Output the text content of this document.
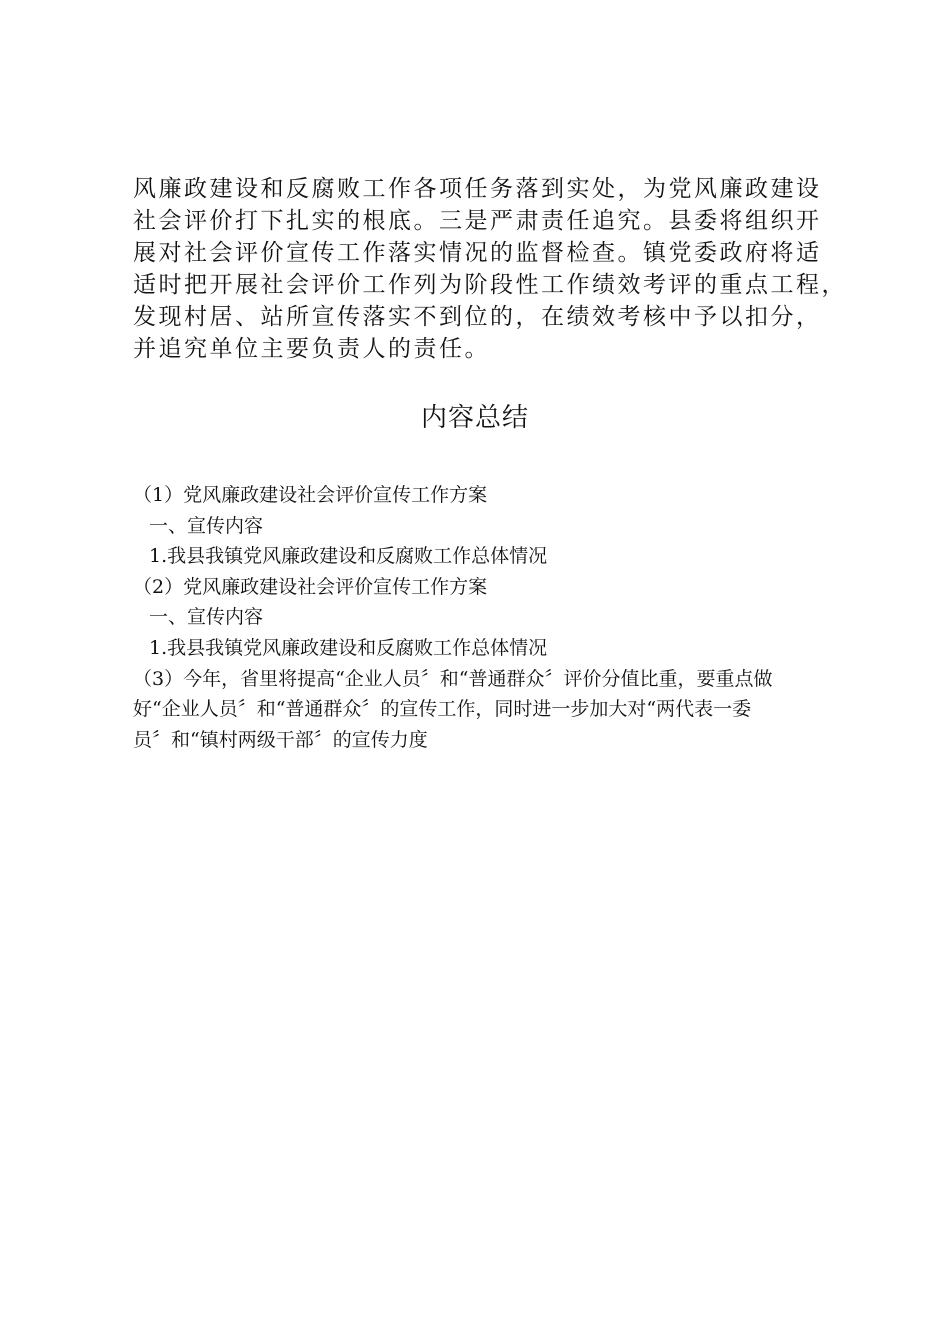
风廉政建设和反腐败工作各项任务落到实处，为党风廉政建设
社会评价打下扎实的根底。三是严肃责任追究。县委将组织开
展对社会评价宣传工作落实情况的监督检查。镇党委政府将适
适时把开展社会评价工作列为阶段性工作绩效考评的重点工程，
发现村居、站所宣传落实不到位的，在绩效考核中予以扣分，
并追究单位主要负责人的责任。
内容总结
（1）党风廉政建设社会评价宣传工作方案
一、宣传内容
1.我县我镇党风廉政建设和反腐败工作总体情况
（2）党风廉政建设社会评价宣传工作方案
一、宣传内容
1.我县我镇党风廉政建设和反腐败工作总体情况
（3）今年，省里将提高“企业人员〞和“普通群众〞评价分值比重，要重点做
好“企业人员〞和“普通群众〞的宣传工作，同时进一步加大对“两代表一委
员〞和“镇村两级干部〞的宣传力度
